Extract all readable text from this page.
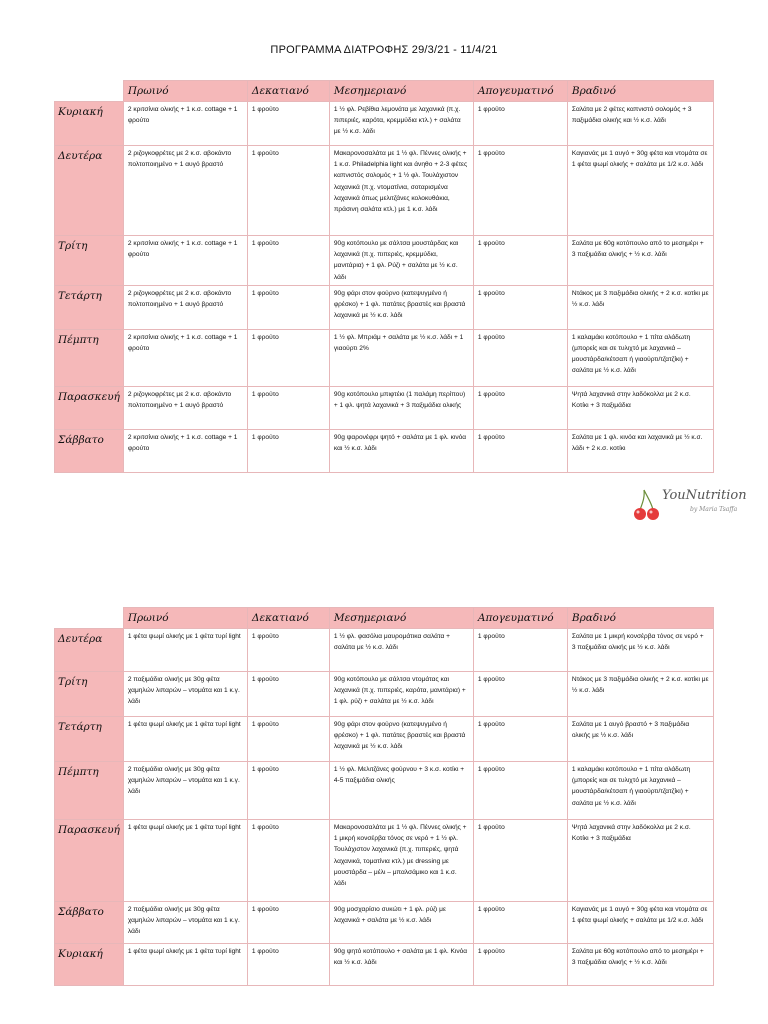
ΠΡΟΓΡΑΜΜΑ ΔΙΑΤΡΟΦΗΣ 29/3/21 - 11/4/21
	Πρωινό	Δεκατιανό	Μεσημεριανό	Απογευματινό	Βραδινό
Κυριακή	2 κριτσίνια ολικής + 1 κ.σ. cottage + 1 φρούτο	1 φρούτο	1 ½ φλ. Ρεβίθια λεμονάτα με λαχανικά (π.χ. πιπεριές, καρότα, κρεμμύδια κτλ.) + σαλάτα με ½ κ.σ. λάδι	1 φρούτο	Σαλάτα με 2 φέτες καπνιστό σολομός + 3 παξιμάδια ολικής και ½ κ.σ. λάδι
Δευτέρα	2 ριζογκοφρέτες με 2 κ.σ. αβοκάντο πολτοποιημένο + 1 αυγό βραστό	1 φρούτο	Μακαρονοσαλάτα με 1 ½ φλ. Πέννες ολικής + 1 κ.σ. Philadelphia light και άνηθο + 2-3 φέτες καπνιστός σολομός + 1 ½ φλ. Τουλάχιστον λαχανικά (π.χ. ντοματίνια, σοταρισμένα λαχανικά όπως μελιτζάνες κολοκυθάκια, πράσινη σαλάτα κτλ.) με 1 κ.σ. λάδι	1 φρούτο	Καγιανάς με 1 αυγό + 30g φέτα και ντομάτα σε 1 φέτα ψωμί ολικής + σαλάτα με 1/2 κ.σ. λάδι
Τρίτη	2 κριτσίνια ολικής + 1 κ.σ. cottage + 1 φρούτο	1 φρούτο	90g κοτόπουλο με σάλτσα μουστάρδας και λαχανικά (π.χ. πιπεριές, κρεμμύδια, μανιτάρια) + 1 φλ. Ρύζι + σαλάτα με ½ κ.σ. λάδι	1 φρούτο	Σαλάτα με 60g κοτόπουλο από το μεσημέρι + 3 παξιμάδια ολικής + ½ κ.σ. λάδι
Τετάρτη	2 ριζογκοφρέτες με 2 κ.σ. αβοκάντο πολτοποιημένο + 1 αυγό βραστό	1 φρούτο	90g φάρι στον φούρνο (κατεψυγμένο ή φρέσκο) + 1 φλ. πατάτες βραστές και βραστά λαχανικά με ½ κ.σ. λάδι	1 φρούτο	Ντάκος με 3 παξιμάδια ολικής + 2 κ.σ. κοτίκι με ½ κ.σ. λάδι
Πέμπτη	2 κριτσίνια ολικής + 1 κ.σ. cottage + 1 φρούτο	1 φρούτο	1 ½ φλ. Μπριάμ + σαλάτα με ½ κ.σ. λάδι + 1 γιαούρτι 2%	1 φρούτο	1 καλαμάκι κοτόπουλο + 1 πίτα αλάδωτη (μπορείς και σε τυλιχτό με λαχανικά – μουστάρδα/κέτσαπ ή γιαούρτι/τζατζίκι) + σαλάτα με ½ κ.σ. λάδι
Παρασκευή	2 ριζογκοφρέτες με 2 κ.σ. αβοκάντο πολτοποιημένο + 1 αυγό βραστό	1 φρούτο	90g κοτόπουλο μπιφτέκι (1 παλάμη περίπου) + 1 φλ. ψητά λαχανικά + 3 παξιμάδια ολικής	1 φρούτο	Ψητά λαχανικά στην λαδόκολλα με 2 κ.σ. Κοτίκι + 3 παξιμάδια
Σάββατο	2 κριτσίνια ολικής + 1 κ.σ. cottage + 1 φρούτο	1 φρούτο	90g ψαρονέφρι ψητό + σαλάτα με 1 φλ. κινόα και ½ κ.σ. λάδι	1 φρούτο	Σαλάτα με 1 φλ. κινόα και λαχανικά με ½ κ.σ. λάδι + 2 κ.σ. κοτίκι
YouNutrition
by Maria Tsaffa
	Πρωινό	Δεκατιανό	Μεσημεριανό	Απογευματινό	Βραδινό
Δευτέρα	1 φέτα ψωμί ολικής με 1 φέτα τυρί light	1 φρούτο	1 ½ φλ. φασόλια μαυρομάτικα σαλάτα + σαλάτα με ½ κ.σ. λάδι	1 φρούτο	Σαλάτα με 1 μικρή κονσέρβα τόνος σε νερό + 3 παξιμάδια ολικής με ½ κ.σ. λάδι
Τρίτη	2 παξιμάδια ολικής με 30g φέτα χαμηλών λιπαρών – ντομάτα και 1 κ.γ. λάδι	1 φρούτο	90g κοτόπουλο με σάλτσα ντομάτας και λαχανικά (π.χ. πιπεριές, καρότα, μανιτάρια) + 1 φλ. ρύζι + σαλάτα με ½ κ.σ. λάδι	1 φρούτο	Ντάκος με 3 παξιμάδια ολικής + 2 κ.σ. κοτίκι με ½ κ.σ. λάδι
Τετάρτη	1 φέτα ψωμί ολικής με 1 φέτα τυρί light	1 φρούτο	90g φάρι στον φούρνο (κατεψυγμένο ή φρέσκο) + 1 φλ. πατάτες βραστές και βραστά λαχανικά με ½ κ.σ. λάδι	1 φρούτο	Σαλάτα με 1 αυγό βραστό + 3 παξιμάδια ολικής με ½ κ.σ. λάδι
Πέμπτη	2 παξιμάδια ολικής με 30g φέτα χαμηλών λιπαρών – ντομάτα και 1 κ.γ. λάδι	1 φρούτο	1 ½ φλ. Μελιτζάνες φούρνου + 3 κ.σ. κοτίκι + 4-5 παξιμάδια ολικής	1 φρούτο	1 καλαμάκι κοτόπουλο + 1 πίτα αλάδωτη (μπορείς και σε τυλιχτό με λαχανικά – μουστάρδα/κέτσαπ ή γιαούρτι/τζατζίκι) + σαλάτα με ½ κ.σ. λάδι
Παρασκευή	1 φέτα ψωμί ολικής με 1 φέτα τυρί light	1 φρούτο	Μακαρονοσαλάτα με 1 ½ φλ. Πέννες ολικής + 1 μικρή κονσέρβα τόνος σε νερό + 1 ½ φλ. Τουλάχιστον λαχανικά (π.χ. πιπεριές, ψητά λαχανικά, τοματίνια κτλ.) με dressing με μουστάρδα – μέλι – μπαλσάμικο και 1 κ.σ. λάδι	1 φρούτο	Ψητά λαχανικά στην λαδόκολλα με 2 κ.σ. Κοτίκι + 3 παξιμάδια
Σάββατο	2 παξιμάδια ολικής με 30g φέτα χαμηλών λιπαρών – ντομάτα και 1 κ.γ. λάδι	1 φρούτο	90g μοσχαρίσιο συκώτι + 1 φλ. ρύζι με λαχανικά + σαλάτα με ½ κ.σ. λάδι	1 φρούτο	Καγιανάς με 1 αυγό + 30g φέτα και ντομάτα σε 1 φέτα ψωμί ολικής + σαλάτα με 1/2 κ.σ. λάδι
Κυριακή	1 φέτα ψωμί ολικής με 1 φέτα τυρί light	1 φρούτο	90g ψητό κοτόπουλο + σαλάτα με 1 φλ. Κινόα και ½ κ.σ. λάδι	1 φρούτο	Σαλάτα με 60g κοτόπουλο από το μεσημέρι + 3 παξιμάδια ολικής + ½ κ.σ. λάδι
